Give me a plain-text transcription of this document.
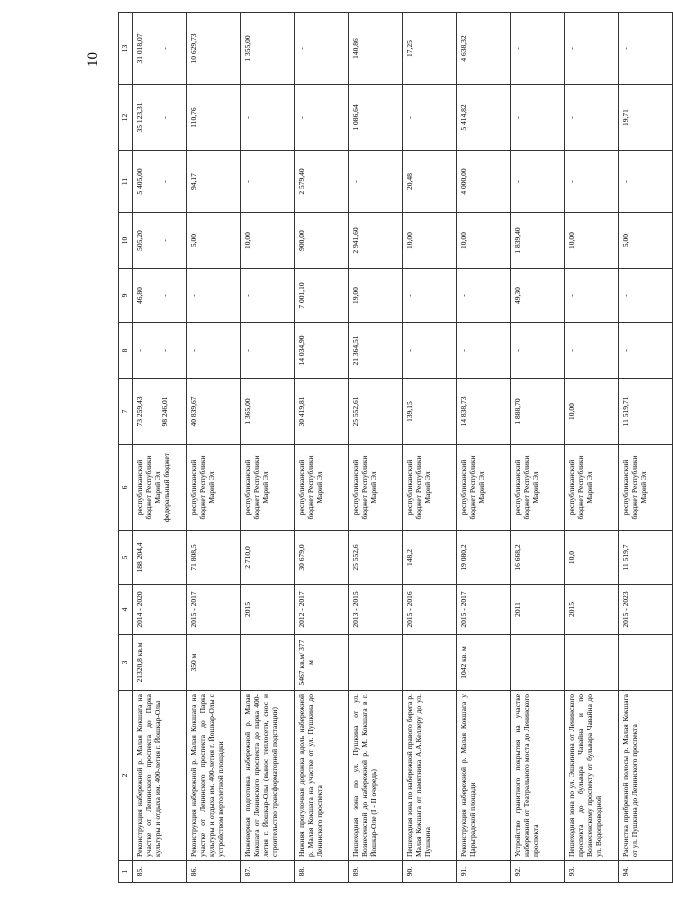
10
1	2	3	4	5	6	7	8	9	10	11	12	13
85.	Реконструкция набережной р. Малая Кокшага на участке от Ленинского проспекта до Парка культуры и отдыха им. 400-летия г. Йошкар-Олы	21320,8 кв.м	2014 - 2020	188 204,4	республиканский бюджет Республики Марий Эл федеральный бюджет	73 259,43 98 246,01	- -	46,80 -	505,20 -	5 405,00 -	35 123,31 -	31 018,07 -

86.	Реконструкция набережной р. Малая Кокшага на участке от Ленинского проспекта до Парка культуры и отдыха им. 400-летия г. Йошкар-Олы с устройством вертолетной площадки	350 м	2015 - 2017	71 808,5	республиканский бюджет Республики Марий Эл	40 839,67	-	-	5,00	94,17	110,76	10 629,73

87.	Инженерная подготовка набережной р. Малая Кокшага от Ленинского проспекта до парка 400-летия г. Йошкар-Олы (вынос теплосети, снос и строительство трансформаторной подстанции)		2015	2 710,0	республиканский бюджет Республики Марий Эл	1 365,00	-	-	10,00	-	-	1 355,00

88.	Нижняя прогулочная дорожка вдоль набережной р. Малая Кокшага на участке от ул. Пушкина до Ленинского проспекта	5467 кв.м/ 377 м	2012 - 2017	30 679,0	республиканский бюджет Республики Марий Эл	30 419,81	14 034,90	7 001,10	900,00	2 579,40	-	-

89.	Пешеходная зона по ул. Пушкина от ул. Вознесенской до набережной р. М. Кокшага в г. Йошкар-Оле (I - II очередь)		2013 - 2015	25 552,6	республиканский бюджет Республики Марий Эл	25 552,61	21 364,51	19,00	2 941,60	-	1 086,64	140,86

90.	Пешеходная зона по набережной правого берега р. Малая Кокшага от памятника А.А.Келлеру до ул. Пушкина		2015 - 2016	148,2	республиканский бюджет Республики Марий Эл	139,15	-	-	10,00	20,48	-	17,25

91.	Реконструкция набережной р. Малая Кокшага у Царьградской площади	1042 кв. м	2015 - 2017	19 080,2	республиканский бюджет Республики Марий Эл	14 838,73	-	-	10,00	4 000,00	5 414,82	4 638,32

92.	Устройство гранитного покрытия на участке набережной от Театрального моста до Ленинского проспекта		2011	16 668,2	республиканский бюджет Республики Марий Эл	1 888,70	-	49,30	1 839,40	-	-	-

93.	Пешеходная зона по ул. Эшкинина от Ленинского проспекта до бульвара Чавайна и по Вознесенскому проспекту от бульвара Чавайна до ул. Водопроводной		2015	10,0	республиканский бюджет Республики Марий Эл	10,00	-	-	10,00	-	-	-

94.	Расчистка прибрежной полосы р. Малая Кокшага от ул. Пушкина до Ленинского проспекта		2015 - 2023	11 519,7	республиканский бюджет Республики Марий Эл	11 519,71	-	-	5,00	-	19,71	-
